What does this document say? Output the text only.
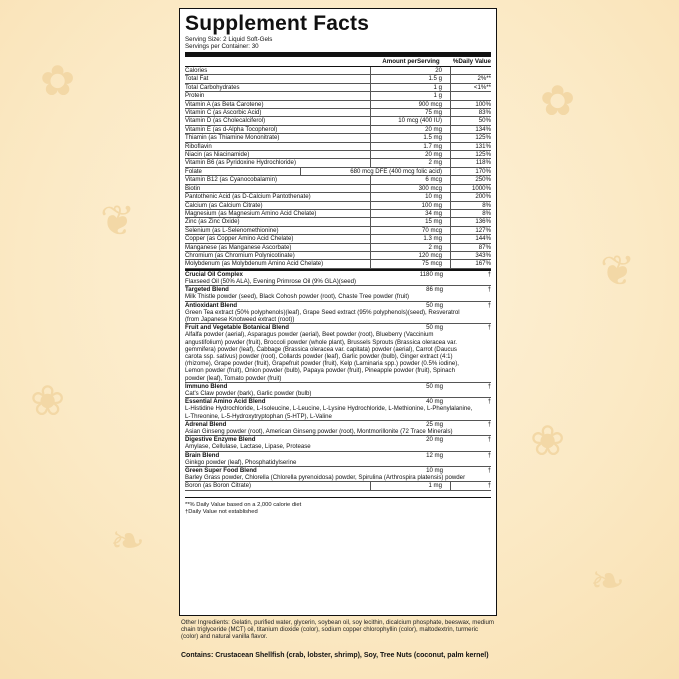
✿
❦
❀
❧
✿
❦
❀
❧
Supplement Facts
Serving Size: 2 Liquid Soft-Gels
Servings per Container: 30
Amount perServing	%Daily Value
Calories	20
Total Fat	1.5 g	2%**
Total Carbohydrates	1 g	<1%**
Protein	1 g
Vitamin A (as Beta Carotene)	900 mcg	100%
Vitamin C (as Ascorbic Acid)	75 mg	83%
Vitamin D (as Cholecalciferol)	10 mcg (400 IU)	50%
Vitamin E (as d-Alpha Tocopherol)	20 mg	134%
Thiamin (as Thiamine Mononitrate)	1.5 mg	125%
Riboflavin	1.7 mg	131%
Niacin (as Niacinamide)	20 mg	125%
Vitamin B6 (as Pyridoxine Hydrochloride)	2 mg	118%
Folate	680 mcg DFE (400 mcg folic acid)	170%
Vitamin B12 (as Cyanocobalamin)	6 mcg	250%
Biotin	300 mcg	1000%
Pantothenic Acid (as D-Calcium Pantothenate)	10 mg	200%
Calcium (as Calcium Citrate)	100 mg	8%
Magnesium (as Magnesium Amino Acid Chelate)	34 mg	8%
Zinc (as Zinc Oxide)	15 mg	136%
Selenium (as L-Selenomethionine)	70 mcg	127%
Copper (as Copper Amino Acid Chelate)	1.3 mg	144%
Manganese (as Manganese Ascorbate)	2 mg	87%
Chromium (as Chromium Polynicotinate)	120 mcg	343%
Molybdenum (as Molybdenum Amino Acid Chelate)	75 mcg	167%
Crucial Oil Complex	1180 mg	†
Flaxseed Oil (50% ALA), Evening Primrose Oil (9% GLA)(seed)
Targeted Blend	86 mg	†
Milk Thistle powder (seed), Black Cohosh powder (root), Chaste Tree powder (fruit)
Antioxidant Blend	50 mg	†
Green Tea extract (50% polyphenols)(leaf), Grape Seed extract (95% polyphenols)(seed), Resveratrol (from Japanese Knotweed extract (root))
Fruit and Vegetable Botanical Blend	50 mg	†
Alfalfa powder (aerial), Asparagus powder (aerial), Beet powder (root), Blueberry (Vaccinium angustifolium) powder (fruit), Broccoli powder (whole plant), Brussels Sprouts (Brassica oleracea var. gemmifera) powder (leaf), Cabbage (Brassica oleracea var. capitata) powder (aerial), Carrot (Daucus carota ssp. sativus) powder (root), Collards powder (leaf), Garlic powder (bulb), Ginger extract (4:1)(rhizome), Grape powder (fruit), Grapefruit powder (fruit), Kelp (Laminaria spp.) powder (0.5% iodine), Lemon powder (fruit), Onion powder (bulb), Papaya powder (fruit), Pineapple powder (fruit), Spinach powder (leaf), Tomato powder (fruit)
Immuno Blend	50 mg	†
Cat's Claw powder (bark), Garlic powder (bulb)
Essential Amino Acid Blend	40 mg	†
L-Histidine Hydrochloride, L-Isoleucine, L-Leucine, L-Lysine Hydrochloride, L-Methionine, L-Phenylalanine, L-Threonine, L-5-Hydroxytryptophan (5-HTP), L-Valine
Adrenal Blend	25 mg	†
Asian Ginseng powder (root), American Ginseng powder (root), Montmorillonite (72 Trace Minerals)
Digestive Enzyme Blend	20 mg	†
Amylase, Cellulase, Lactase, Lipase, Protease
Brain Blend	12 mg	†
Ginkgo powder (leaf), Phosphatidylserine
Green Super Food Blend	10 mg	†
Barley Grass powder, Chlorella (Chlorella pyrenoidosa) powder, Spirulina (Arthrospira platensis) powder
Boron (as Boron Citrate)	1 mg	†
**% Daily Value based on a 2,000 calorie diet
†Daily Value not established
Other Ingredients: Gelatin, purified water, glycerin, soybean oil, soy lecithin, dicalcium phosphate, beeswax, medium chain triglyceride (MCT) oil, titanium dioxide (color), sodium copper chlorophyllin (color), maltodextrin, turmeric (color) and natural vanilla flavor.
Contains: Crustacean Shellfish (crab, lobster, shrimp), Soy, Tree Nuts (coconut, palm kernel)
